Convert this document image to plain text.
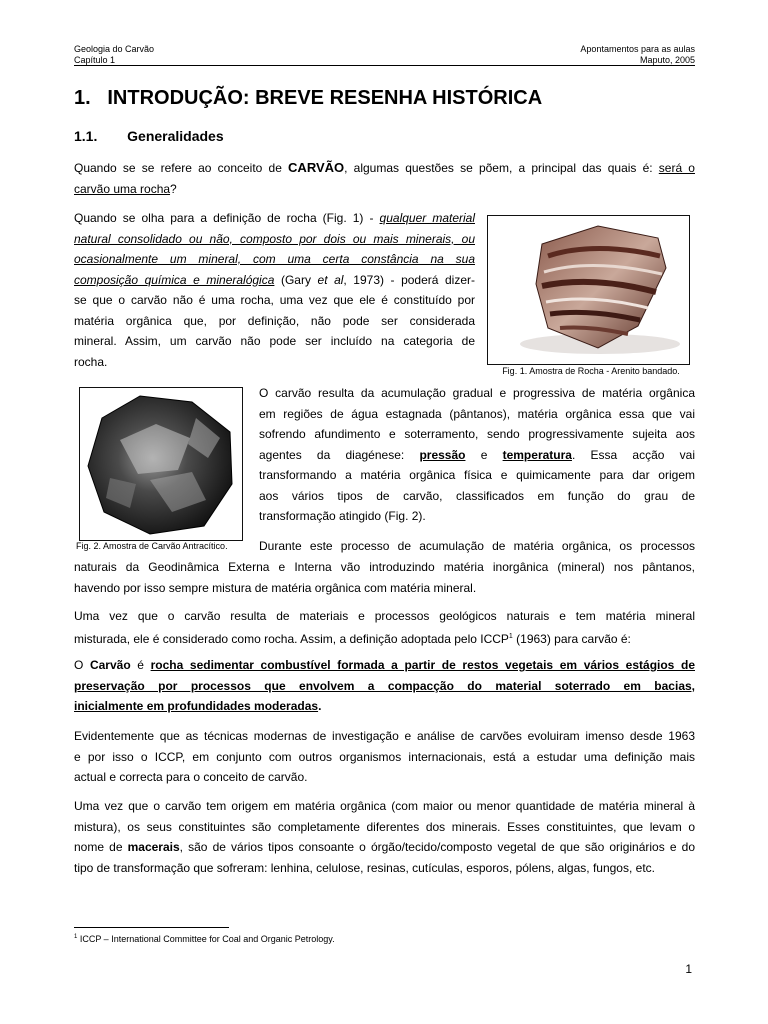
Geologia do Carvão
Capítulo 1
Apontamentos para as aulas
Maputo, 2005
1.   INTRODUÇÃO: BREVE RESENHA HISTÓRICA
1.1. Generalidades
Quando se se refere ao conceito de CARVÃO, algumas questões se põem, a principal das quais é: será o
carvão uma rocha?
Quando se olha para a definição de rocha (Fig. 1) - qualquer material
natural consolidado ou não, composto por dois ou mais minerais, ou
ocasionalmente um mineral, com uma certa constância na sua
composição química e mineralógica (Gary et al, 1973) - poderá dizer-
se que o carvão não é uma rocha, uma vez que ele é constituído por
matéria orgânica que, por definição, não pode ser considerada
mineral. Assim, um carvão não pode ser incluído na categoria de
rocha.
Fig. 1. Amostra de Rocha - Arenito bandado.
Fig. 2. Amostra de Carvão Antracítico.
O carvão resulta da acumulação gradual e progressiva de matéria orgânica
em regiões de água estagnada (pântanos), matéria orgânica essa que vai
sofrendo afundimento e soterramento, sendo progressivamente sujeita aos
agentes da diagénese: pressão e temperatura. Essa acção vai
transformando a matéria orgânica física e quimicamente para dar origem
aos vários tipos de carvão, classificados em função do grau de
transformação atingido (Fig. 2).
Durante este processo de acumulação de matéria orgânica, os processos
naturais da Geodinâmica Externa e Interna vão introduzindo matéria inorgânica (mineral) nos pântanos,
havendo por isso sempre mistura de matéria orgânica com matéria mineral.
Uma vez que o carvão resulta de materiais e processos geológicos naturais e tem matéria mineral
misturada, ele é considerado como rocha. Assim, a definição adoptada pelo ICCP$^1$ (1963) para carvão é:
O Carvão é rocha sedimentar combustível formada a partir de restos vegetais em vários estágios de
preservação por processos que envolvem a compacção do material soterrado em bacias,
inicialmente em profundidades moderadas.
Evidentemente que as técnicas modernas de investigação e análise de carvões evoluiram imenso desde 1963
e por isso o ICCP, em conjunto com outros organismos internacionais, está a estudar uma definição mais
actual e correcta para o conceito de carvão.
Uma vez que o carvão tem origem em matéria orgânica (com maior ou menor quantidade de matéria mineral à
mistura), os seus constituintes são completamente diferentes dos minerais. Esses constituintes, que levam o
nome de macerais, são de vários tipos consoante o órgão/tecido/composto vegetal de que são originários e do
tipo de transformação que sofreram: lenhina, celulose, resinas, cutículas, esporos, pólens, algas, fungos, etc.
$^1$ ICCP – International Committee for Coal and Organic Petrology.
1
